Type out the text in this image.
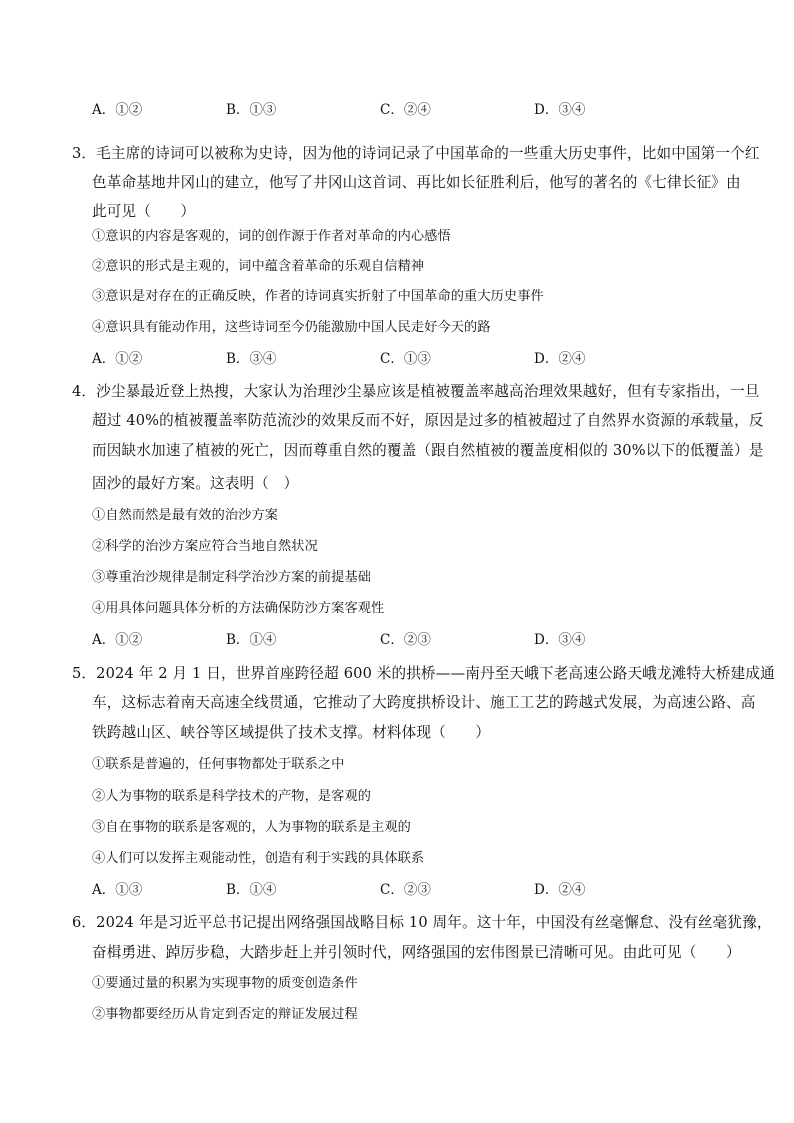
A．①②	B．①③	C．②④	D．③④
3．毛主席的诗词可以被称为史诗，因为他的诗词记录了中国革命的一些重大历史事件，比如中国第一个红
色革命基地井冈山的建立，他写了井冈山这首词、再比如长征胜利后，他写的著名的《七律长征》由
此可见（　　）
①意识的内容是客观的，词的创作源于作者对革命的内心感悟
②意识的形式是主观的，词中蕴含着革命的乐观自信精神
③意识是对存在的正确反映，作者的诗词真实折射了中国革命的重大历史事件
④意识具有能动作用，这些诗词至今仍能激励中国人民走好今天的路
A．①②	B．③④	C．①③	D．②④
4．沙尘暴最近登上热搜，大家认为治理沙尘暴应该是植被覆盖率越高治理效果越好，但有专家指出，一旦
超过 40%的植被覆盖率防范流沙的效果反而不好，原因是过多的植被超过了自然界水资源的承载量，反
而因缺水加速了植被的死亡，因而尊重自然的覆盖（跟自然植被的覆盖度相似的 30%以下的低覆盖）是
固沙的最好方案。这表明（　）
①自然而然是最有效的治沙方案
②科学的治沙方案应符合当地自然状况
③尊重治沙规律是制定科学治沙方案的前提基础
④用具体问题具体分析的方法确保防沙方案客观性
A．①②	B．①④	C．②③	D．③④
5．2024 年 2 月 1 日，世界首座跨径超 600 米的拱桥——南丹至天峨下老高速公路天峨龙滩特大桥建成通
车，这标志着南天高速全线贯通，它推动了大跨度拱桥设计、施工工艺的跨越式发展，为高速公路、高
铁跨越山区、峡谷等区域提供了技术支撑。材料体现（　　）
①联系是普遍的，任何事物都处于联系之中
②人为事物的联系是科学技术的产物，是客观的
③自在事物的联系是客观的，人为事物的联系是主观的
④人们可以发挥主观能动性，创造有利于实践的具体联系
A．①③	B．①④	C．②③	D．②④
6．2024 年是习近平总书记提出网络强国战略目标 10 周年。这十年，中国没有丝毫懈怠、没有丝毫犹豫，
奋楫勇进、踔厉步稳，大踏步赶上并引领时代，网络强国的宏伟图景已清晰可见。由此可见（　　）
①要通过量的积累为实现事物的质变创造条件
②事物都要经历从肯定到否定的辩证发展过程
